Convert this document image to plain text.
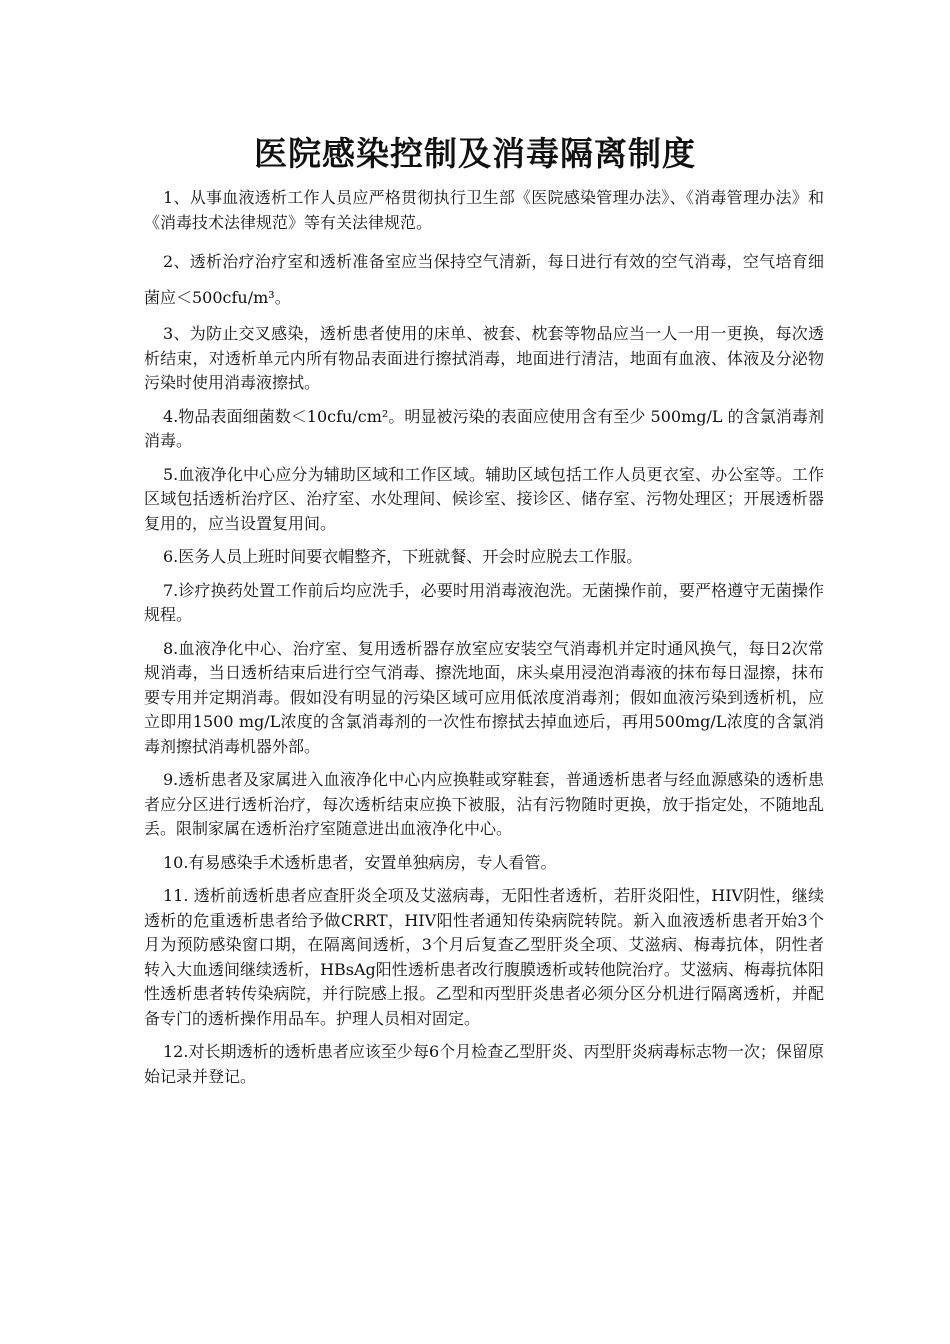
医院感染控制及消毒隔离制度

1、从事血液透析工作人员应严格贯彻执行卫生部《医院感染管理办法》、《消毒管理办法》和《消毒技术法律规范》等有关法律规范。

2、透析治疗治疗室和透析准备室应当保持空气清新，每日进行有效的空气消毒，空气培育细菌应＜500cfu/m³。

3、为防止交叉感染，透析患者使用的床单、被套、枕套等物品应当一人一用一更换，每次透析结束，对透析单元内所有物品表面进行擦拭消毒，地面进行清洁，地面有血液、体液及分泌物污染时使用消毒液擦拭。

4.物品表面细菌数＜10cfu/cm²。明显被污染的表面应使用含有至少 500mg/L 的含氯消毒剂消毒。

5.血液净化中心应分为辅助区域和工作区域。辅助区域包括工作人员更衣室、办公室等。工作区域包括透析治疗区、治疗室、水处理间、候诊室、接诊区、储存室、污物处理区；开展透析器复用的，应当设置复用间。

6.医务人员上班时间要衣帽整齐，下班就餐、开会时应脱去工作服。

7.诊疗换药处置工作前后均应洗手，必要时用消毒液泡洗。无菌操作前，要严格遵守无菌操作规程。

8.血液净化中心、治疗室、复用透析器存放室应安装空气消毒机并定时通风换气，每日2次常规消毒，当日透析结束后进行空气消毒、擦洗地面，床头桌用浸泡消毒液的抹布每日湿擦，抹布要专用并定期消毒。假如没有明显的污染区域可应用低浓度消毒剂；假如血液污染到透析机，应立即用1500 mg/L浓度的含氯消毒剂的一次性布擦拭去掉血迹后，再用500mg/L浓度的含氯消毒剂擦拭消毒机器外部。

9.透析患者及家属进入血液净化中心内应换鞋或穿鞋套，普通透析患者与经血源感染的透析患者应分区进行透析治疗，每次透析结束应换下被服，沾有污物随时更换，放于指定处，不随地乱丢。限制家属在透析治疗室随意进出血液净化中心。

10.有易感染手术透析患者，安置单独病房，专人看管。

11. 透析前透析患者应查肝炎全项及艾滋病毒，无阳性者透析，若肝炎阳性，HIV阴性，继续透析的危重透析患者给予做CRRT，HIV阳性者通知传染病院转院。新入血液透析患者开始3个月为预防感染窗口期，在隔离间透析，3个月后复查乙型肝炎全项、艾滋病、梅毒抗体，阴性者转入大血透间继续透析，HBsAg阳性透析患者改行腹膜透析或转他院治疗。艾滋病、梅毒抗体阳性透析患者转传染病院，并行院感上报。乙型和丙型肝炎患者必须分区分机进行隔离透析，并配备专门的透析操作用品车。护理人员相对固定。

12.对长期透析的透析患者应该至少每6个月检查乙型肝炎、丙型肝炎病毒标志物一次；保留原始记录并登记。
